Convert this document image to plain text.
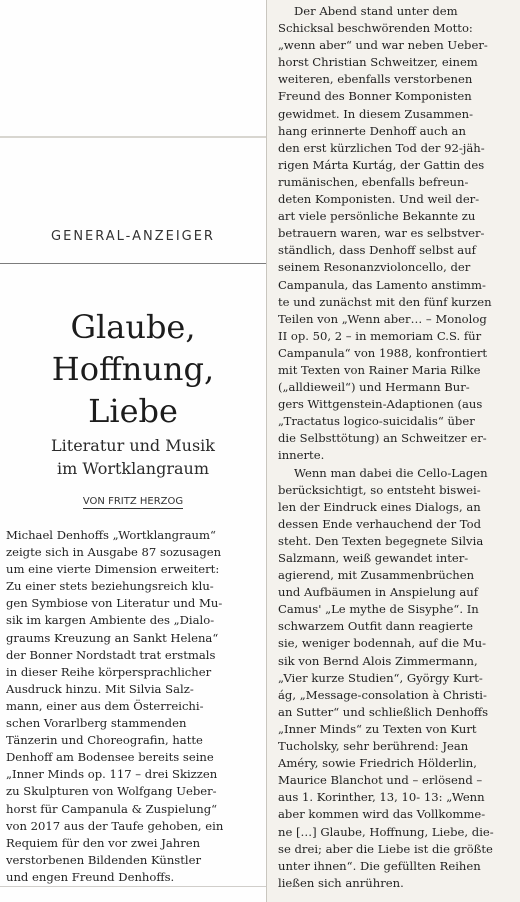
GENERAL-ANZEIGER
Glaube,
Hoffnung,
Liebe
Literatur und Musik
im Wortklangraum
VON FRITZ HERZOG
Michael Denhoffs „Wortklangraum“
zeigte sich in Ausgabe 87 sozusagen
um eine vierte Dimension erweitert:
Zu einer stets beziehungsreich klu-
gen Symbiose von Literatur und Mu-
sik im kargen Ambiente des „Dialo-
graums Kreuzung an Sankt Helena“
der Bonner Nordstadt trat erstmals
in dieser Reihe körpersprachlicher
Ausdruck hinzu. Mit Silvia Salz-
mann, einer aus dem Österreichi-
schen Vorarlberg stammenden
Tänzerin und Choreografin, hatte
Denhoff am Bodensee bereits seine
„Inner Minds op. 117 – drei Skizzen
zu Skulpturen von Wolfgang Ueber-
horst für Campanula & Zuspielung“
von 2017 aus der Taufe gehoben, ein
Requiem für den vor zwei Jahren
verstorbenen Bildenden Künstler
und engen Freund Denhoffs.
Der Abend stand unter dem
Schicksal beschwörenden Motto:
„wenn aber“ und war neben Ueber-
horst Christian Schweitzer, einem
weiteren, ebenfalls verstorbenen
Freund des Bonner Komponisten
gewidmet. In diesem Zusammen-
hang erinnerte Denhoff auch an
den erst kürzlichen Tod der 92-jäh-
rigen Márta Kurtág, der Gattin des
rumänischen, ebenfalls befreun-
deten Komponisten. Und weil der-
art viele persönliche Bekannte zu
betrauern waren, war es selbstver-
ständlich, dass Denhoff selbst auf
seinem Resonanzvioloncello, der
Campanula, das Lamento anstimm-
te und zunächst mit den fünf kurzen
Teilen von „Wenn aber… – Monolog
II op. 50, 2 – in memoriam C.S. für
Campanula“ von 1988, konfrontiert
mit Texten von Rainer Maria Rilke
(„alldieweil“) und Hermann Bur-
gers Wittgenstein-Adaptionen (aus
„Tractatus logico-suicidalis“ über
die Selbsttötung) an Schweitzer er-
innerte.
Wenn man dabei die Cello-Lagen
berücksichtigt, so entsteht biswei-
len der Eindruck eines Dialogs, an
dessen Ende verhauchend der Tod
steht. Den Texten begegnete Silvia
Salzmann, weiß gewandet inter-
agierend, mit Zusammenbrüchen
und Aufbäumen in Anspielung auf
Camus' „Le mythe de Sisyphe“. In
schwarzem Outfit dann reagierte
sie, weniger bodennah, auf die Mu-
sik von Bernd Alois Zimmermann,
„Vier kurze Studien“, György Kurt-
ág, „Message-consolation à Christi-
an Sutter“ und schließlich Denhoffs
„Inner Minds“ zu Texten von Kurt
Tucholsky, sehr berührend: Jean
Améry, sowie Friedrich Hölderlin,
Maurice Blanchot und – erlösend –
aus 1. Korinther, 13, 10- 13: „Wenn
aber kommen wird das Vollkomme-
ne […] Glaube, Hoffnung, Liebe, die-
se drei; aber die Liebe ist die größte
unter ihnen“. Die gefüllten Reihen
ließen sich anrühren.
